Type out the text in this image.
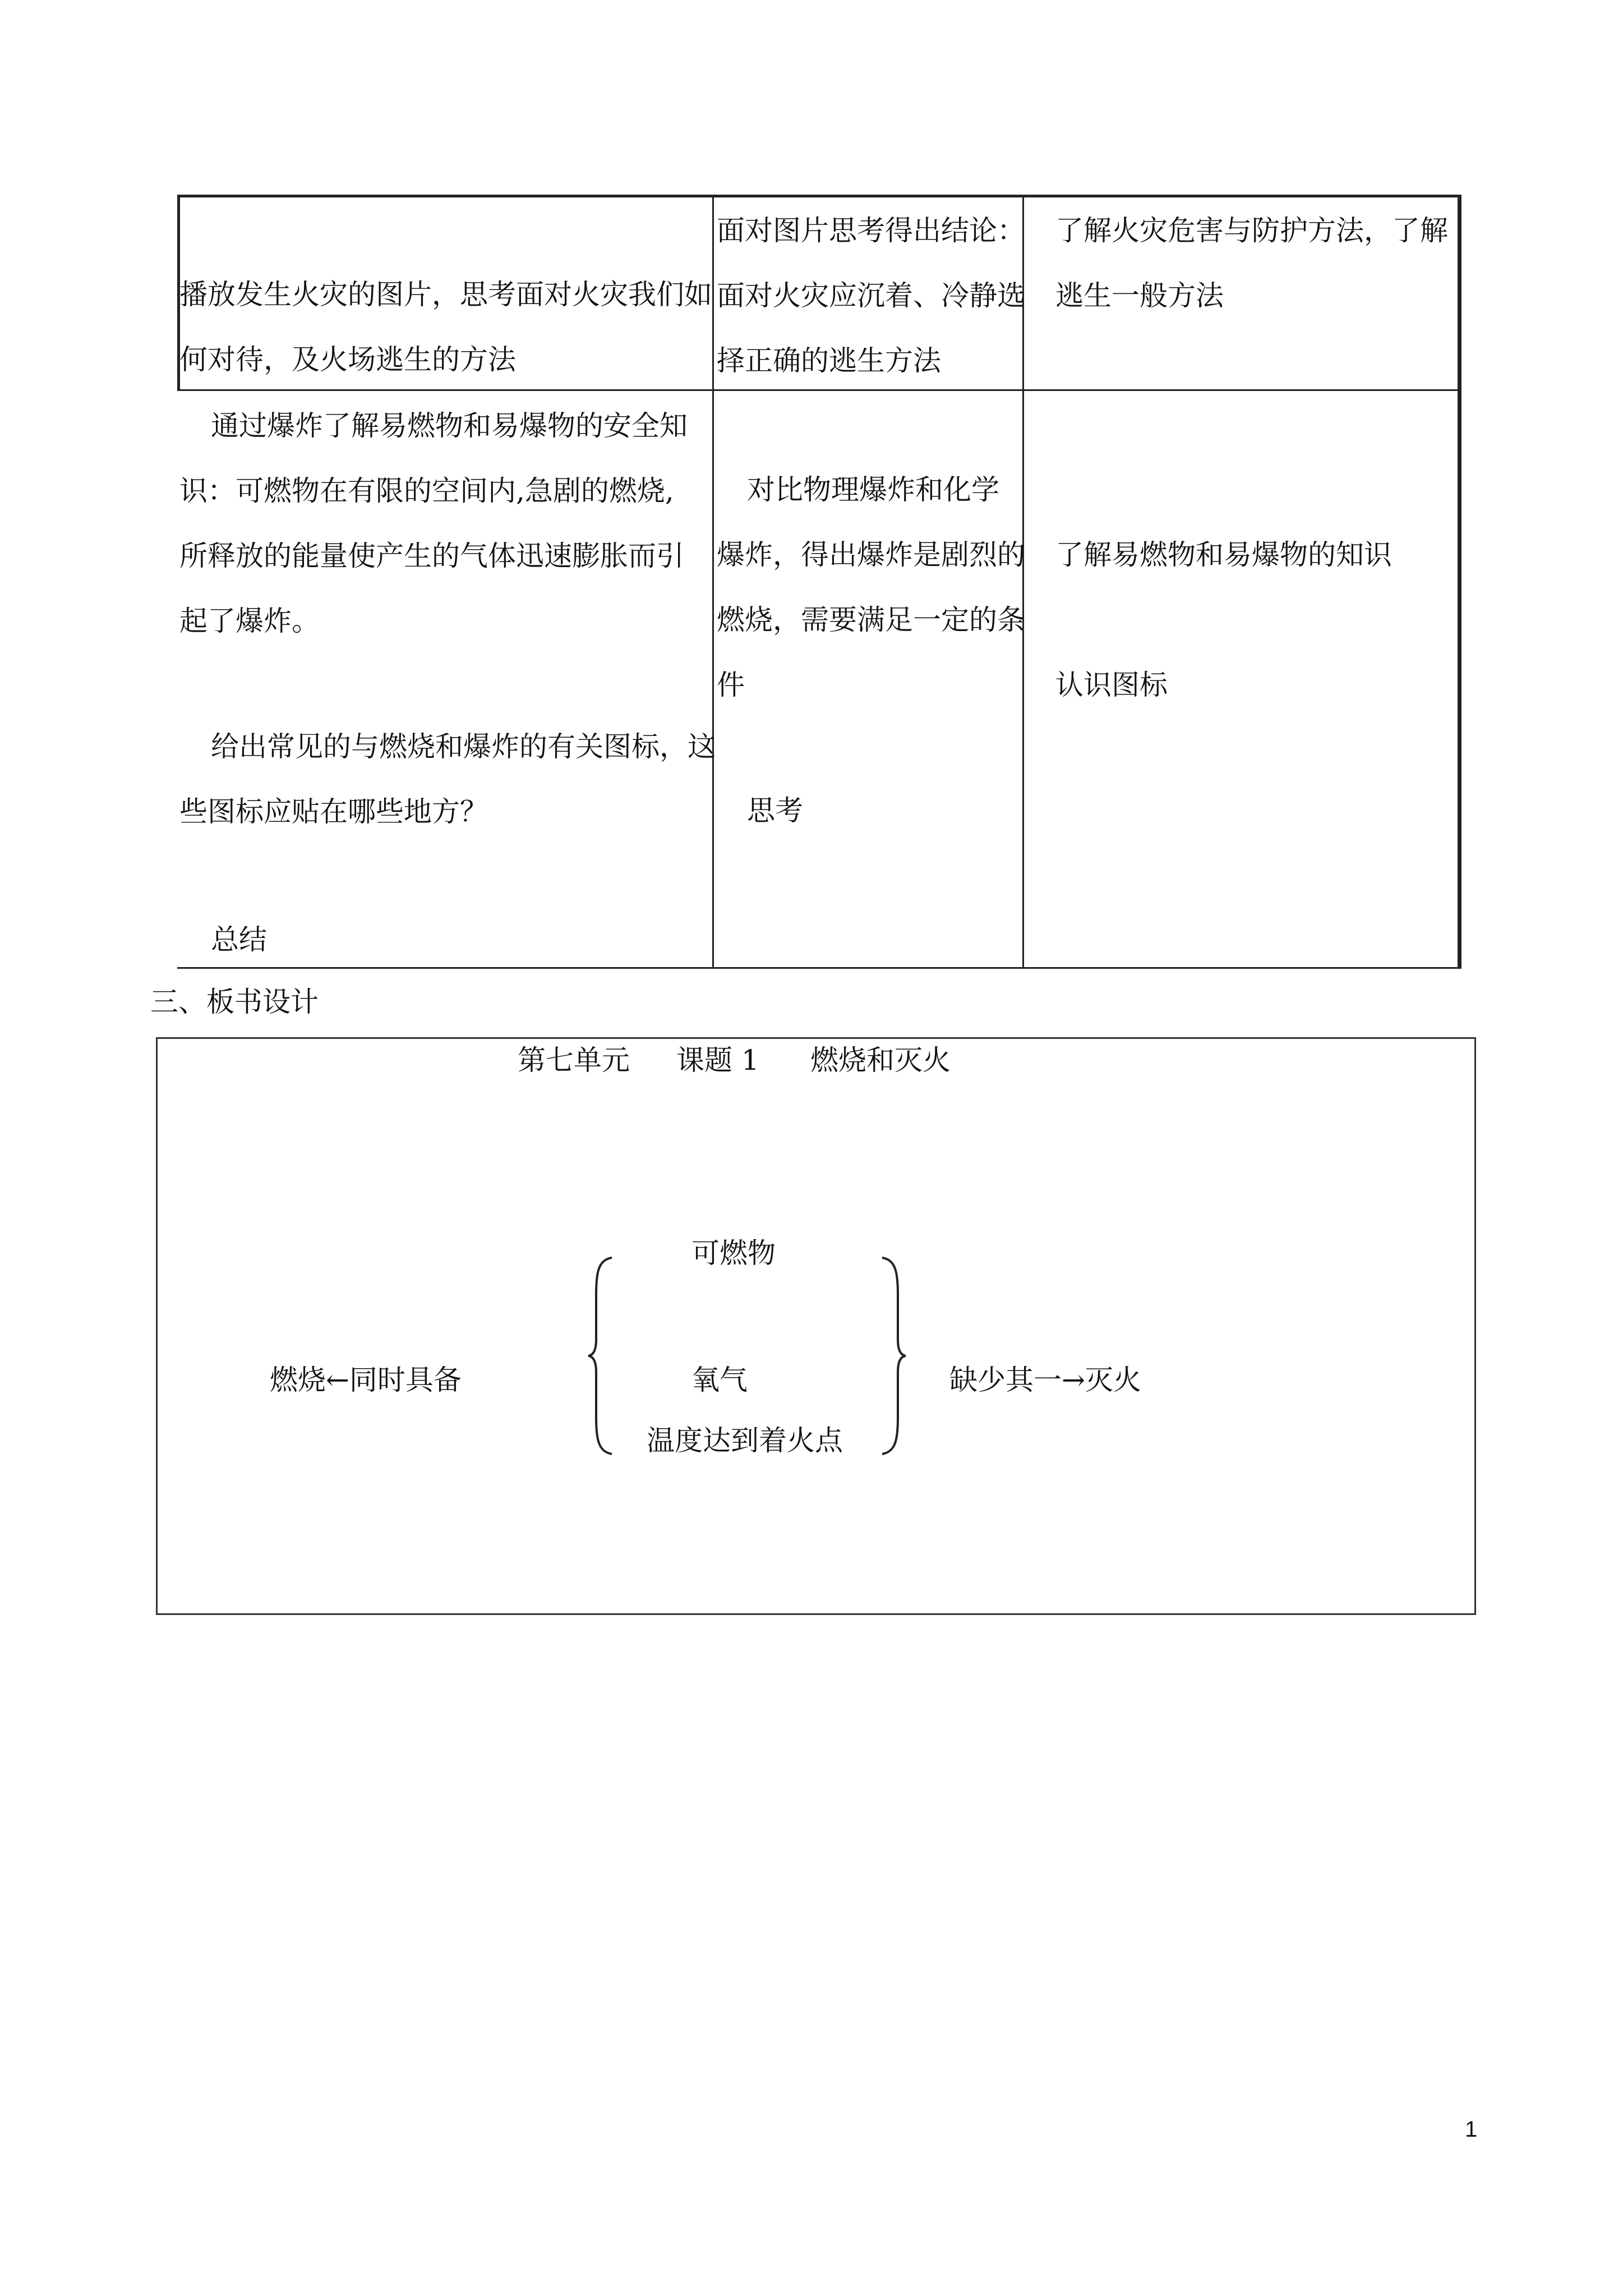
播放发生火灾的图片，思考面对火灾我们如

何对待，及火场逃生的方法

面对图片思考得出结论：

面对火灾应沉着、冷静选

择正确的逃生方法

了解火灾危害与防护方法，了解

逃生一般方法

通过爆炸了解易燃物和易爆物的安全知

识：可燃物在有限的空间内,急剧的燃烧,

所释放的能量使产生的气体迅速膨胀而引

起了爆炸。

给出常见的与燃烧和爆炸的有关图标，这

些图标应贴在哪些地方？

总结

对比物理爆炸和化学

爆炸，得出爆炸是剧烈的

燃烧，需要满足一定的条

件

思考

了解易燃物和易爆物的知识

认识图标

三、板书设计

第七单元 课题 1 燃烧和灭火

燃烧←同时具备

可燃物

氧气

温度达到着火点

缺少其一→灭火

1
